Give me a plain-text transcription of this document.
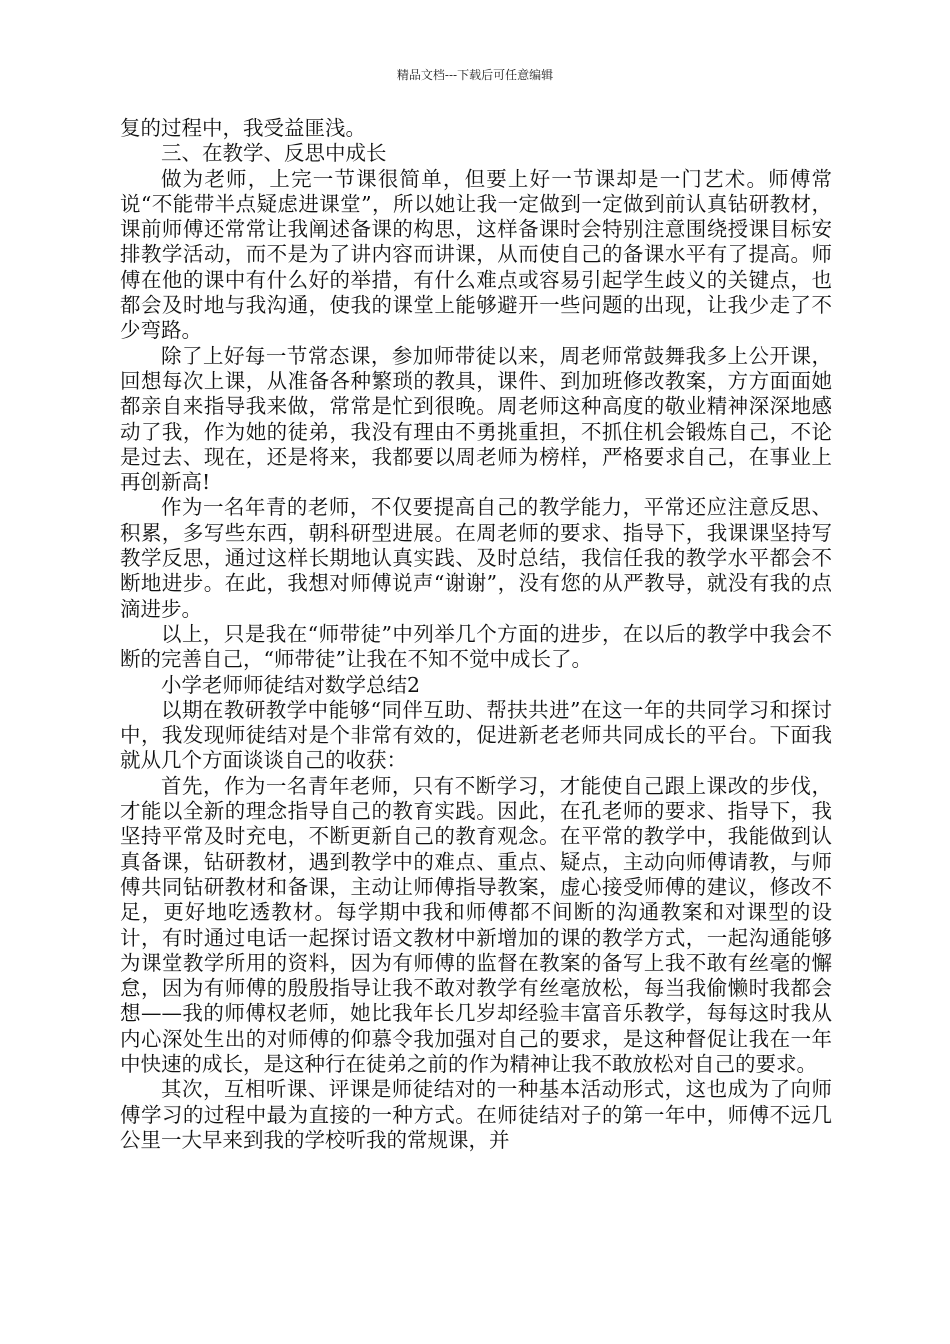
精品文档---下载后可任意编辑

复的过程中，我受益匪浅。

三、在教学、反思中成长

做为老师，上完一节课很简单，但要上好一节课却是一门艺术。师傅常说“不能带半点疑虑进课堂”，所以她让我一定做到一定做到前认真钻研教材，课前师傅还常常让我阐述备课的构思，这样备课时会特别注意围绕授课目标安排教学活动，而不是为了讲内容而讲课，从而使自己的备课水平有了提高。师傅在他的课中有什么好的举措，有什么难点或容易引起学生歧义的关键点，也都会及时地与我沟通，使我的课堂上能够避开一些问题的出现，让我少走了不少弯路。

除了上好每一节常态课，参加师带徒以来，周老师常鼓舞我多上公开课，回想每次上课，从准备各种繁琐的教具，课件、到加班修改教案，方方面面她都亲自来指导我来做，常常是忙到很晚。周老师这种高度的敬业精神深深地感动了我，作为她的徒弟，我没有理由不勇挑重担，不抓住机会锻炼自己，不论是过去、现在，还是将来，我都要以周老师为榜样，严格要求自己，在事业上再创新高!

作为一名年青的老师，不仅要提高自己的教学能力，平常还应注意反思、积累，多写些东西，朝科研型进展。在周老师的要求、指导下，我课课坚持写教学反思，通过这样长期地认真实践、及时总结，我信任我的教学水平都会不断地进步。在此，我想对师傅说声“谢谢”，没有您的从严教导，就没有我的点滴进步。

以上，只是我在“师带徒”中列举几个方面的进步，在以后的教学中我会不断的完善自己，“师带徒”让我在不知不觉中成长了。

小学老师师徒结对数学总结2

以期在教研教学中能够“同伴互助、帮扶共进”在这一年的共同学习和探讨中，我发现师徒结对是个非常有效的，促进新老老师共同成长的平台。下面我就从几个方面谈谈自己的收获：

首先，作为一名青年老师，只有不断学习，才能使自己跟上课改的步伐，才能以全新的理念指导自己的教育实践。因此，在孔老师的要求、指导下，我坚持平常及时充电，不断更新自己的教育观念。在平常的教学中，我能做到认真备课，钻研教材，遇到教学中的难点、重点、疑点，主动向师傅请教，与师傅共同钻研教材和备课，主动让师傅指导教案，虚心接受师傅的建议，修改不足，更好地吃透教材。每学期中我和师傅都不间断的沟通教案和对课型的设计，有时通过电话一起探讨语文教材中新增加的课的教学方式，一起沟通能够为课堂教学所用的资料，因为有师傅的监督在教案的备写上我不敢有丝毫的懈怠，因为有师傅的殷殷指导让我不敢对教学有丝毫放松，每当我偷懒时我都会想——我的师傅权老师，她比我年长几岁却经验丰富音乐教学，每每这时我从内心深处生出的对师傅的仰慕令我加强对自己的要求，是这种督促让我在一年中快速的成长，是这种行在徒弟之前的作为精神让我不敢放松对自己的要求。

其次，互相听课、评课是师徒结对的一种基本活动形式，这也成为了向师傅学习的过程中最为直接的一种方式。在师徒结对子的第一年中，师傅不远几公里一大早来到我的学校听我的常规课，并
